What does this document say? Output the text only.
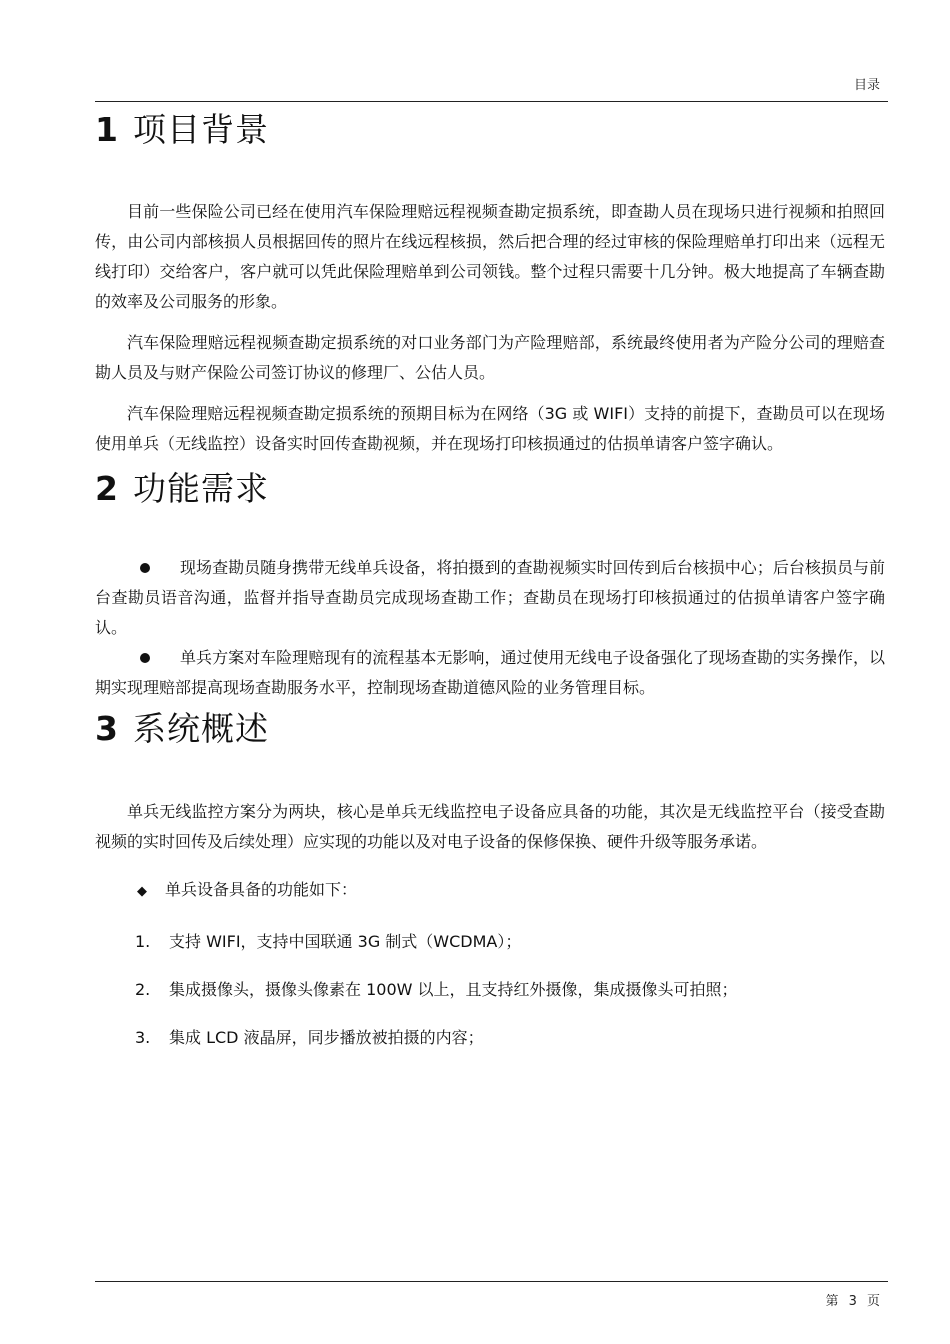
目录
1 项目背景

目前一些保险公司已经在使用汽车保险理赔远程视频查勘定损系统，即查勘人员在现场只进行视频和拍照回传，由公司内部核损人员根据回传的照片在线远程核损，然后把合理的经过审核的保险理赔单打印出来（远程无线打印）交给客户，客户就可以凭此保险理赔单到公司领钱。整个过程只需要十几分钟。极大地提高了车辆查勘的效率及公司服务的形象。

汽车保险理赔远程视频查勘定损系统的对口业务部门为产险理赔部，系统最终使用者为产险分公司的理赔查勘人员及与财产保险公司签订协议的修理厂、公估人员。

汽车保险理赔远程视频查勘定损系统的预期目标为在网络（3G 或 WIFI）支持的前提下，查勘员可以在现场使用单兵（无线监控）设备实时回传查勘视频，并在现场打印核损通过的估损单请客户签字确认。

2 功能需求

现场查勘员随身携带无线单兵设备，将拍摄到的查勘视频实时回传到后台核损中心；后台核损员与前台查勘员语音沟通，监督并指导查勘员完成现场查勘工作；查勘员在现场打印核损通过的估损单请客户签字确认。

单兵方案对车险理赔现有的流程基本无影响，通过使用无线电子设备强化了现场查勘的实务操作，以期实现理赔部提高现场查勘服务水平，控制现场查勘道德风险的业务管理目标。

3 系统概述

单兵无线监控方案分为两块，核心是单兵无线监控电子设备应具备的功能，其次是无线监控平台（接受查勘视频的实时回传及后续处理）应实现的功能以及对电子设备的保修保换、硬件升级等服务承诺。

◆ 单兵设备具备的功能如下：

1. 支持 WIFI，支持中国联通 3G 制式（WCDMA）；

2. 集成摄像头，摄像头像素在 100W 以上，且支持红外摄像，集成摄像头可拍照；

3. 集成 LCD 液晶屏，同步播放被拍摄的内容；

第 3 页
